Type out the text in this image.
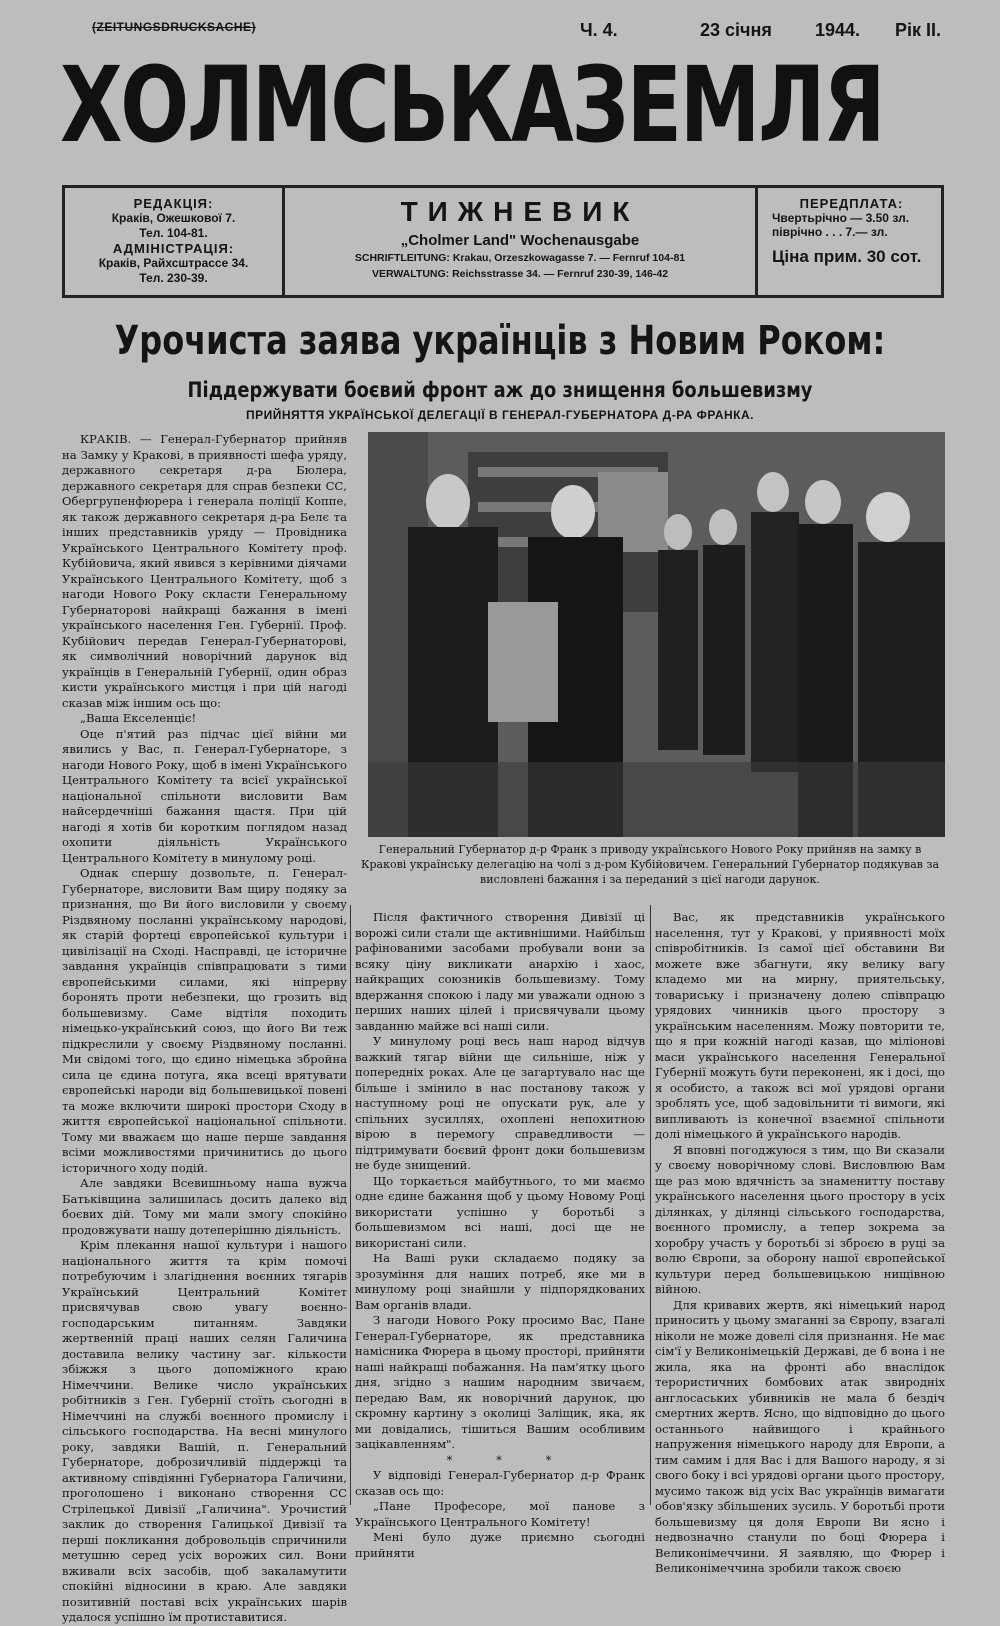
(ZEITUNGSDRUCKSACHE)	Ч. 4.	23 січня 1944. Рік II.
ХОЛМСЬКАЗЕМЛЯ
РЕДАКЦІЯ:
Краків, Ожешкової 7.
Тел. 104-81.
АДМІНІСТРАЦІЯ:
Краків, Райхсштрассе 34.
Тел. 230-39.
ТИЖНЕВИК
„Cholmer Land" Wochenausgabe
SCHRIFTLEITUNG: Krakau, Orzeszkowagasse 7. — Fernruf 104-81
VERWALTUNG: Reichsstrasse 34. — Fernruf 230-39, 146-42
ПЕРЕДПЛАТА:
Чвертьрічно — 3.50 зл.
піврічно . . . 7.— зл.
Ціна прим. 30 сот.
Урочиста заява українців з Новим Роком:
Піддержувати боєвий фронт аж до знищення большевизму
ПРИЙНЯТТЯ УКРАЇНСЬКОЇ ДЕЛЕГАЦІЇ В ГЕНЕРАЛ-ГУБЕРНАТОРА Д-РА ФРАНКА.

КРАКІВ. — Генерал-Губернатор прийняв на Замку у Кракові, в приявності шефа уряду, державного секретаря д-ра Бюлера, державного секретаря для справ безпеки СС, Обергрупенфюрера і генерала поліції Коппе, як також державного секретаря д-ра Белє та інших представників уряду — Провідника Українського Центрального Комітету проф. Кубійовича, який явився з керівними діячами Українського Центрального Комітету, щоб з нагоди Нового Року скласти Генеральному Губернаторові найкращі бажання в імені українського населення Ген. Губернії. Проф. Кубійович передав Генерал-Губернаторові, як символічний новорічний дарунок від українців в Генеральній Губернії, один образ кисти українського мистця і при цій нагоді сказав між іншим ось що:

„Ваша Екселенціє!

Оце п'ятий раз підчас цієї війни ми явились у Вас, п. Генерал-Губернаторе, з нагоди Нового Року, щоб в імені Українського Центрального Комітету та всієї української національної спільноти висловити Вам найсердечніші бажання щастя. При цій нагоді я хотів би коротким поглядом назад охопити діяльність Українського Центрального Комітету в минулому році.

Однак спершу дозвольте, п. Генерал-Губернаторе, висловити Вам щиру подяку за признання, що Ви його висловили у своєму Різдвяному посланні українському народові, як старій фортеці європейської культури і цивілізації на Сході. Насправді, це історичне завдання українців співпрацювати з тими європейськими силами, які ніпрерву боронять проти небезпеки, що грозить від большевизму. Саме відтіля походить німецько-український союз, що його Ви теж підкреслили у своєму Різдвяному посланні. Ми свідомі того, що єдино німецька збройна сила це єдина потуга, яка всеці врятувати європейські народи від большевицької повені та може включити широкі простори Сходу в життя європейської національної спільноти. Тому ми вважаєм що наше перше завдання всіми можливостями причинитись до цього історичного ходу подій.

Але завдяки Всевишньому наша вужча Батьківщина залишилась досить далеко від боєвих дій. Тому ми мали змогу спокійно продовжувати нашу дотеперішню діяльність.

Крім плекання нашої культури і нашого національного життя та крім помочі потребуючим і злагіднення воєнних тягарів Український Центральний Комітет присвячував свою увагу воєнно-господарським питанням. Завдяки жертвенній праці наших селян Галичина доставила велику частину заг. кількости збіжжя з цього допоміжного краю Німеччини. Велике число українських робітників з Ген. Губернії стоїть сьогодні в Німеччині на службі воєнного промислу і сільського господарства. На весні минулого року, завдяки Вашій, п. Генеральний Губернаторе, доброзичливій піддержці та активному співдіянні Губернатора Галичини, проголошено і виконано створення СС Стрілецької Дивізії „Галичина". Урочистий заклик до створення Галицької Дивізії та перші покликання добровольців спричинили метушню серед усіх ворожих сил. Вони вживали всіх засобів, щоб закаламутити спокійні відносини в краю. Але завдяки позитивній поставі всіх українських шарів удалося успішно їм протиставитися.

Генеральний Губернатор д-р Франк з приводу українського Нового Року прийняв на замку в Кракові українську делегацію на чолі з д-ром Кубійовичем. Генеральний Губернатор подякував за висловлені бажання і за переданий з цієї нагоди дарунок.

Після фактичного створення Дивізії ці ворожі сили стали ще активнішими. Найбільш рафінованими засобами пробували вони за всяку ціну викликати анархію і хаос, найкращих союзників большевизму. Тому вдержання спокою і ладу ми уважали одною з перших наших цілей і присвячували цьому завданню майже всі наші сили.

У минулому році весь наш народ відчув важкий тягар війни ще сильніше, ніж у попередніх роках. Але це загартувало нас ще більше і змінило в нас постанову також у наступному році не опускати рук, але у спільних зусиллях, охоплені непохитною вірою в перемогу справедливости — підтримувати боєвий фронт доки большевизм не буде знищений.

Що торкається майбутнього, то ми маємо одне єдине бажання щоб у цьому Новому Році використати успішно у боротьбі з большевизмом всі наші, досі ще не використані сили.

На Ваші руки складаємо подяку за зрозуміння для наших потреб, яке ми в минулому році знайшли у підпорядкованих Вам органів влади.

З нагоди Нового Року просимо Вас, Пане Генерал-Губернаторе, як представника намісника Фюрера в цьому просторі, прийняти наші найкращі побажання. На пам'ятку цього дня, згідно з нашим народним звичаєм, передаю Вам, як новорічний дарунок, цю скромну картину з околиці Заліщик, яка, як ми довідались, тішиться Вашим особливим зацікавленням".

* * *

У відповіді Генерал-Губернатор д-р Франк сказав ось що:

„Пане Професоре, мої панове з Українського Центрального Комітету!

Мені було дуже приємно сьогодні прийняти

Вас, як представників українського населення, тут у Кракові, у приявності моїх співробітників. Із самої цієї обставини Ви можете вже збагнути, яку велику вагу кладемо ми на мирну, приятельську, товариську і призначену долею співпрацю урядових чинників цього простору з українським населенням. Можу повторити те, що я при кожній нагоді казав, що міліонові маси українського населення Генеральної Губернії можуть бути переконені, як і досі, що я особисто, а також всі мої урядові органи зроблять усе, щоб задовільнити ті вимоги, які випливають із конечної взаємної спільноти долі німецького й українського народів.

Я вповні погоджуюся з тим, що Ви сказали у своєму новорічному слові. Висловлюю Вам ще раз мою вдячність за знаменитту поставу українського населення цього простору в усіх ділянках, у ділянці сільського господарства, воєнного промислу, а тепер зокрема за хоробру участь у боротьбі зі зброєю в руці за волю Європи, за оборону нашої європейської культури перед большевицькою нищівною війною.

Для кривавих жертв, які німецький народ приносить у цьому змаганні за Європу, взагалі ніколи не може довелі сіля признання. Не має сім'ї у Великонімецькій Державі, де б вона і не жила, яка на фронті або внаслідок терористичних бомбових атак звиродніх англосаських убивників не мала б бездіч смертних жертв. Ясно, що відповідно до цього останнього найвищого і крайнього напруження німецького народу для Европи, а тим самим і для Вас і для Вашого народу, я зі свого боку і всі урядові органи цього простору, мусимо також від усіх Вас українців вимагати обов'язку збільшених зусиль. У боротьбі проти большевизму ця доля Европи Ви ясно і недвозначно станули по боці Фюрера і Великонімеччини. Я заявляю, що Фюрер і Великонімеччина зробили також своєю
